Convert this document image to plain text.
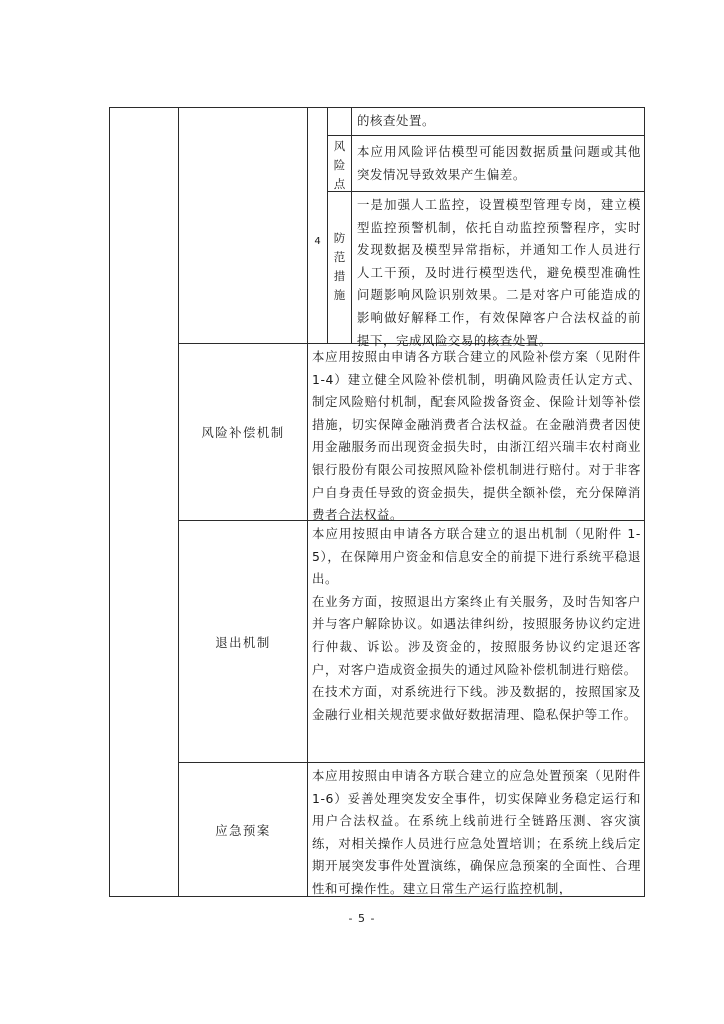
的核查处置。
风险点
本应用风险评估模型可能因数据质量问题或其他突发情况导致效果产生偏差。
4	防范措施
一是加强人工监控，设置模型管理专岗，建立模型监控预警机制，依托自动监控预警程序，实时发现数据及模型异常指标，并通知工作人员进行人工干预，及时进行模型迭代，避免模型准确性问题影响风险识别效果。二是对客户可能造成的影响做好解释工作，有效保障客户合法权益的前提下，完成风险交易的核查处置。
风险补偿机制
本应用按照由申请各方联合建立的风险补偿方案（见附件 1-4）建立健全风险补偿机制，明确风险责任认定方式、制定风险赔付机制，配套风险拨备资金、保险计划等补偿措施，切实保障金融消费者合法权益。在金融消费者因使用金融服务而出现资金损失时，由浙江绍兴瑞丰农村商业银行股份有限公司按照风险补偿机制进行赔付。对于非客户自身责任导致的资金损失，提供全额补偿，充分保障消费者合法权益。
退出机制
本应用按照由申请各方联合建立的退出机制（见附件 1-5），在保障用户资金和信息安全的前提下进行系统平稳退出。
在业务方面，按照退出方案终止有关服务，及时告知客户并与客户解除协议。如遇法律纠纷，按照服务协议约定进行仲裁、诉讼。涉及资金的，按照服务协议约定退还客户，对客户造成资金损失的通过风险补偿机制进行赔偿。
在技术方面，对系统进行下线。涉及数据的，按照国家及金融行业相关规范要求做好数据清理、隐私保护等工作。
应急预案
本应用按照由申请各方联合建立的应急处置预案（见附件 1-6）妥善处理突发安全事件，切实保障业务稳定运行和用户合法权益。在系统上线前进行全链路压测、容灾演练，对相关操作人员进行应急处置培训；在系统上线后定期开展突发事件处置演练，确保应急预案的全面性、合理性和可操作性。建立日常生产运行监控机制，
- 5 -
